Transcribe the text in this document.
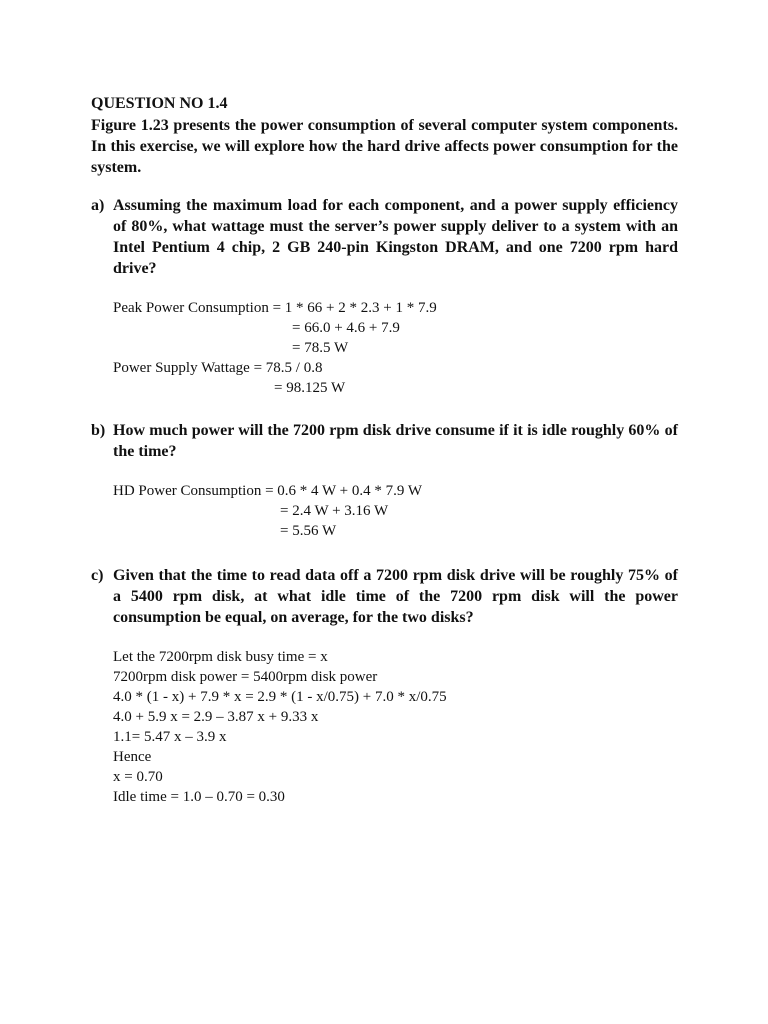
QUESTION NO 1.4
Figure 1.23 presents the power consumption of several computer system components. In this exercise, we will explore how the hard drive affects power consumption for the system.
a) Assuming the maximum load for each component, and a power supply efficiency of 80%, what wattage must the server’s power supply deliver to a system with an Intel Pentium 4 chip, 2 GB 240-pin Kingston DRAM, and one 7200 rpm hard drive?
Peak Power Consumption = 1 * 66 + 2 * 2.3 + 1 * 7.9
= 66.0 + 4.6 + 7.9
= 78.5 W
Power Supply Wattage = 78.5 / 0.8
= 98.125 W
b) How much power will the 7200 rpm disk drive consume if it is idle roughly 60% of the time?
HD Power Consumption = 0.6 * 4 W + 0.4 * 7.9 W
= 2.4 W + 3.16 W
= 5.56 W
c) Given that the time to read data off a 7200 rpm disk drive will be roughly 75% of a 5400 rpm disk, at what idle time of the 7200 rpm disk will the power consumption be equal, on average, for the two disks?
Let the 7200rpm disk busy time = x
7200rpm disk power = 5400rpm disk power
4.0 * (1 - x) + 7.9 * x = 2.9 * (1 - x/0.75) + 7.0 * x/0.75
4.0 + 5.9 x = 2.9 – 3.87 x + 9.33 x
1.1= 5.47 x – 3.9 x
Hence
x = 0.70
Idle time = 1.0 – 0.70 = 0.30
